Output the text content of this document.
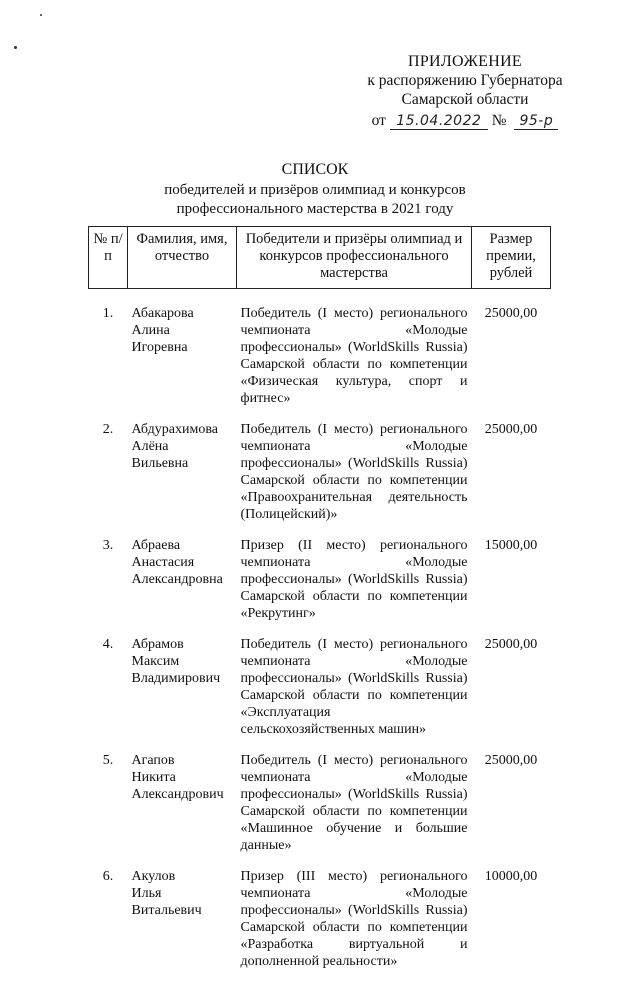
ПРИЛОЖЕНИЕ
к распоряжению Губернатора
Самарской области
от 15.04.2022 № 95-р
СПИСОК
победителей и призёров олимпиад и конкурсов
профессионального мастерства в 2021 году
№ п/п	Фамилия, имя, отчество	Победители и призёры олимпиад и конкурсов профессионального мастерства	Размер премии, рублей

1.	Абакарова
Алина
Игоревна	Победитель (I место) регионального чемпионата «Молодые профессионалы» (WorldSkills Russia) Самарской области по компетенции «Физическая культура, спорт и фитнес»	25000,00
2.	Абдурахимова
Алёна
Вильевна	Победитель (I место) регионального чемпионата «Молодые профессионалы» (WorldSkills Russia) Самарской области по компетенции «Правоохранительная деятельность (Полицейский)»	25000,00
3.	Абраева
Анастасия
Александровна	Призер (II место) регионального чемпионата «Молодые профессионалы» (WorldSkills Russia) Самарской области по компетенции «Рекрутинг»	15000,00
4.	Абрамов
Максим
Владимирович	Победитель (I место) регионального чемпионата «Молодые профессионалы» (WorldSkills Russia) Самарской области по компетенции «Эксплуатация сельскохозяйственных машин»	25000,00
5.	Агапов
Никита
Александрович	Победитель (I место) регионального чемпионата «Молодые профессионалы» (WorldSkills Russia) Самарской области по компетенции «Машинное обучение и большие данные»	25000,00
6.	Акулов
Илья
Витальевич	Призер (III место) регионального чемпионата «Молодые профессионалы» (WorldSkills Russia) Самарской области по компетенции «Разработка виртуальной и дополненной реальности»	10000,00
